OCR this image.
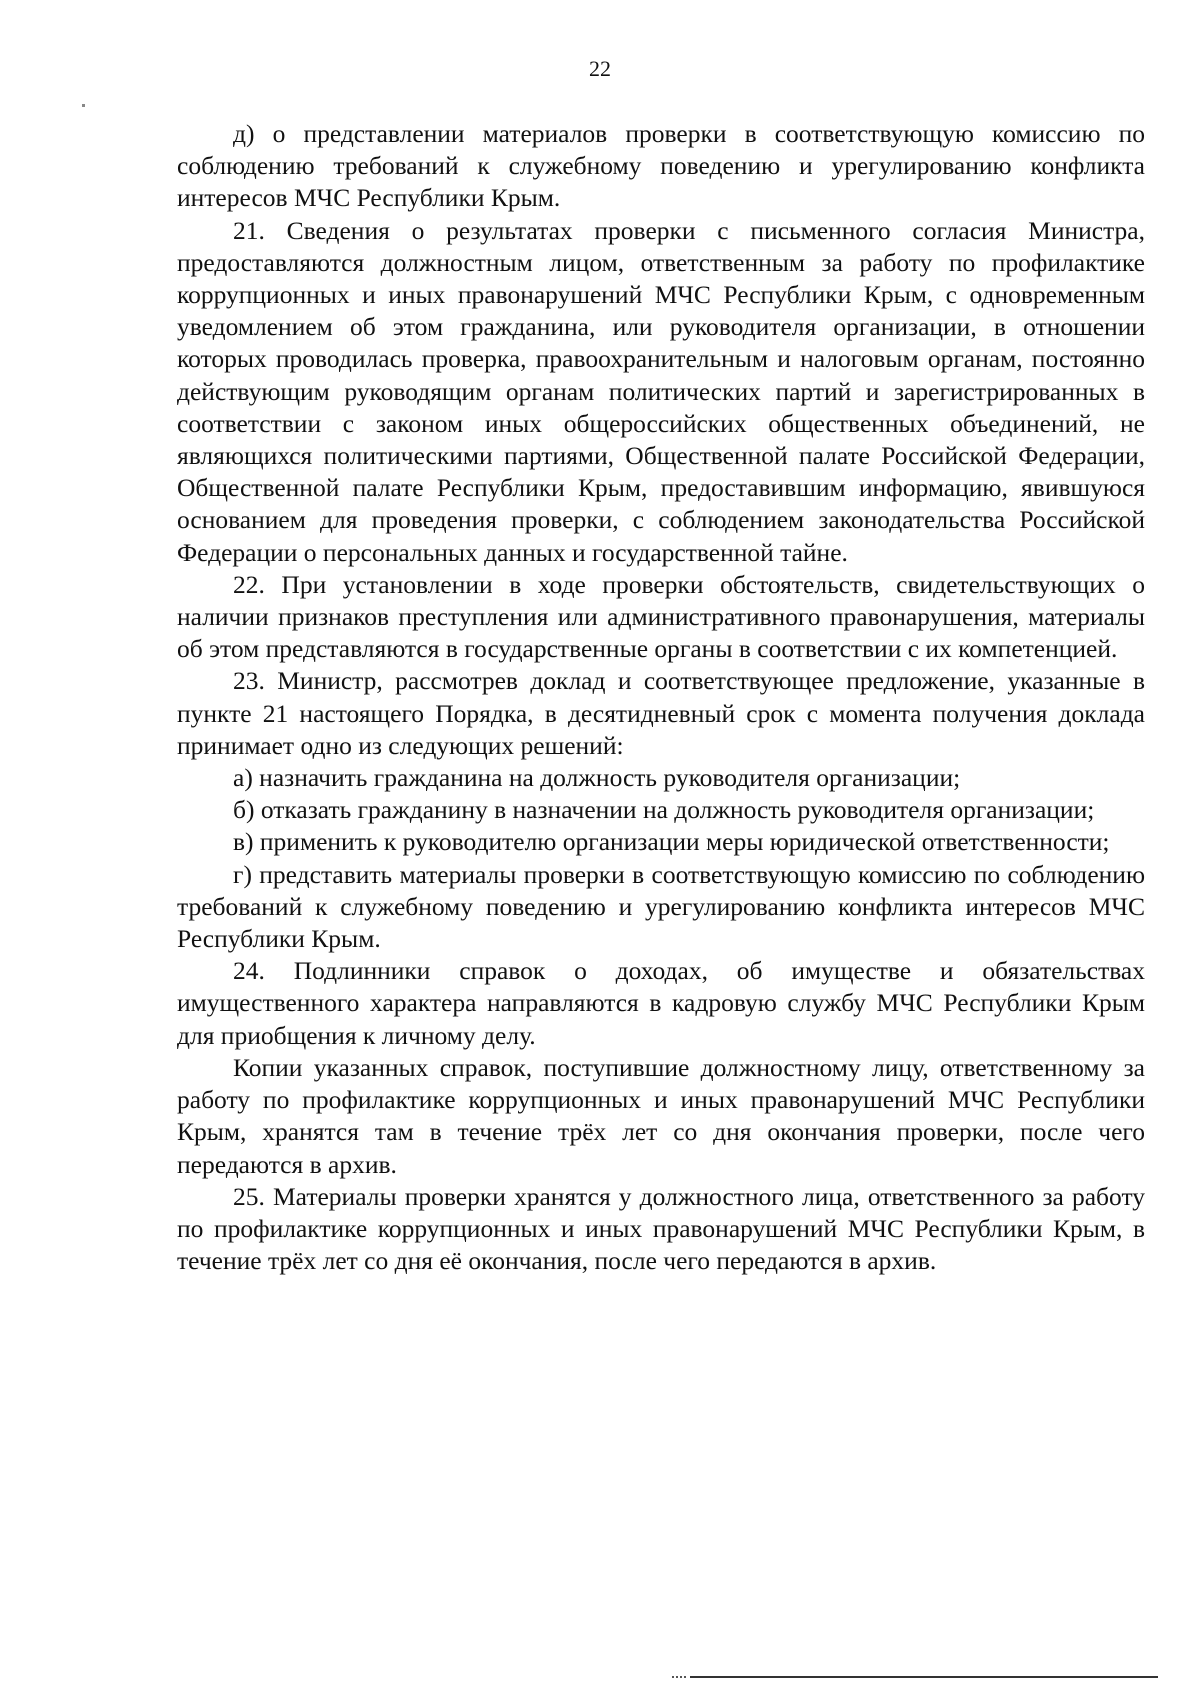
22

д) о представлении материалов проверки в соответствующую комиссию по соблюдению требований к служебному поведению и урегулированию конфликта интересов МЧС Республики Крым.

21. Сведения о результатах проверки с письменного согласия Министра, предоставляются должностным лицом, ответственным за работу по профилактике коррупционных и иных правонарушений МЧС Республики Крым, с одновременным уведомлением об этом гражданина, или руководителя организации, в отношении которых проводилась проверка, правоохранительным и налоговым органам, постоянно действующим руководящим органам политических партий и зарегистрированных в соответствии с законом иных общероссийских общественных объединений, не являющихся политическими партиями, Общественной палате Российской Федерации, Общественной палате Республики Крым, предоставившим информацию, явившуюся основанием для проведения проверки, с соблюдением законодательства Российской Федерации о персональных данных и государственной тайне.

22. При установлении в ходе проверки обстоятельств, свидетельствующих о наличии признаков преступления или административного правонарушения, материалы об этом представляются в государственные органы в соответствии с их компетенцией.

23. Министр, рассмотрев доклад и соответствующее предложение, указанные в пункте 21 настоящего Порядка, в десятидневный срок с момента получения доклада принимает одно из следующих решений:

а) назначить гражданина на должность руководителя организации;

б) отказать гражданину в назначении на должность руководителя организации;

в) применить к руководителю организации меры юридической ответственности;

г) представить материалы проверки в соответствующую комиссию по соблюдению требований к служебному поведению и урегулированию конфликта интересов МЧС Республики Крым.

24. Подлинники справок о доходах, об имуществе и обязательствах имущественного характера направляются в кадровую службу МЧС Республики Крым для приобщения к личному делу.

Копии указанных справок, поступившие должностному лицу, ответственному за работу по профилактике коррупционных и иных правонарушений МЧС Республики Крым, хранятся там в течение трёх лет со дня окончания проверки, после чего передаются в архив.

25. Материалы проверки хранятся у должностного лица, ответственного за работу по профилактике коррупционных и иных правонарушений МЧС Республики Крым, в течение трёх лет со дня её окончания, после чего передаются в архив.
